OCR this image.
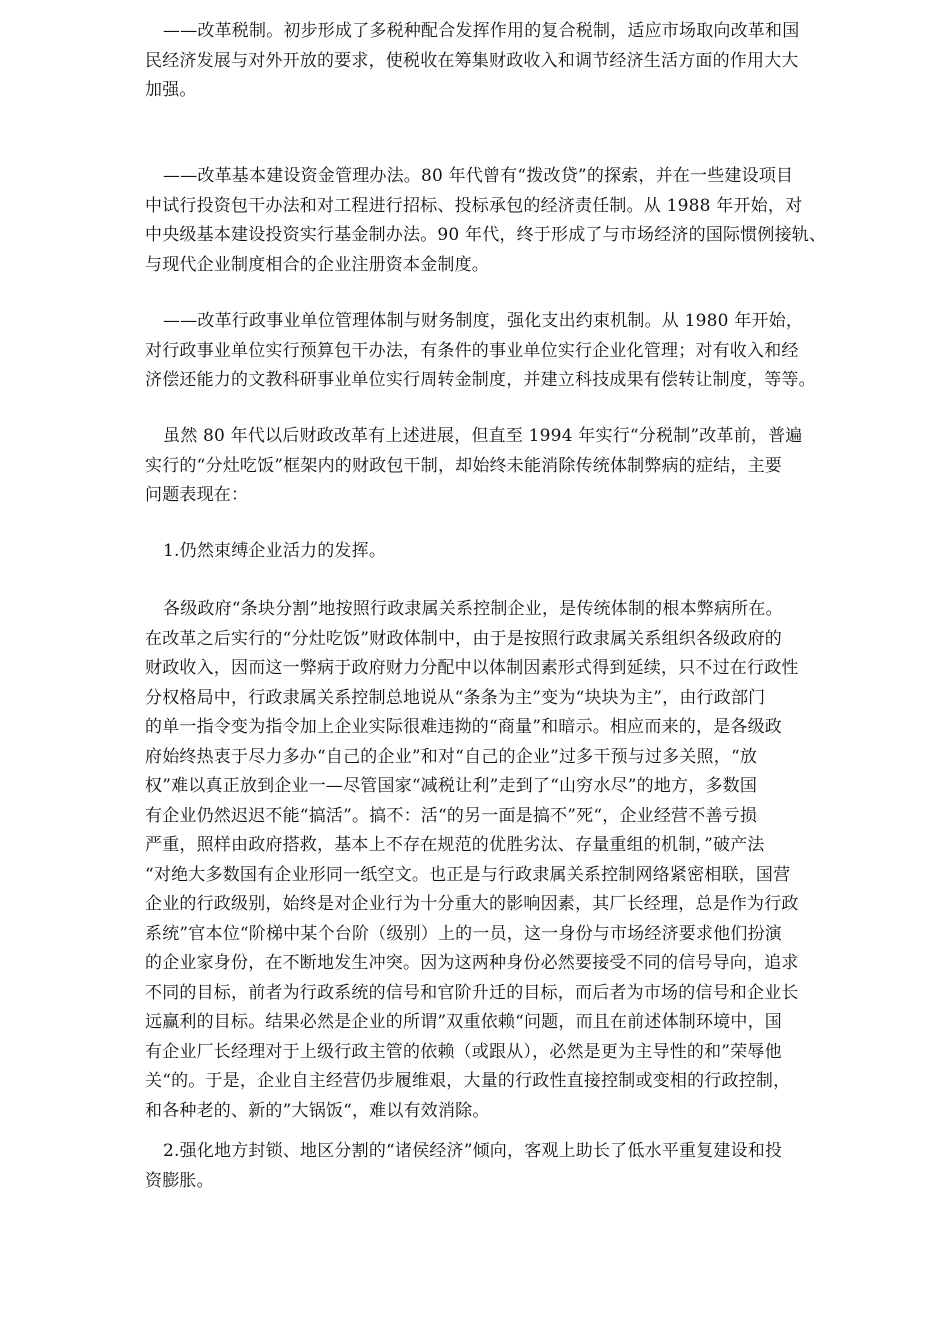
——改革税制。初步形成了多税种配合发挥作用的复合税制，适应市场取向改革和国
民经济发展与对外开放的要求，使税收在筹集财政收入和调节经济生活方面的作用大大
加强。
——改革基本建设资金管理办法。80 年代曾有“拨改贷”的探索，并在一些建设项目
中试行投资包干办法和对工程进行招标、投标承包的经济责任制。从 1988 年开始，对
中央级基本建设投资实行基金制办法。90 年代，终于形成了与市场经济的国际惯例接轨、
与现代企业制度相合的企业注册资本金制度。
——改革行政事业单位管理体制与财务制度，强化支出约束机制。从 1980 年开始，
对行政事业单位实行预算包干办法，有条件的事业单位实行企业化管理；对有收入和经
济偿还能力的文教科研事业单位实行周转金制度，并建立科技成果有偿转让制度，等等。
虽然 80 年代以后财政改革有上述进展，但直至 1994 年实行“分税制”改革前，普遍
实行的“分灶吃饭”框架内的财政包干制，却始终未能消除传统体制弊病的症结，主要
问题表现在：
1.仍然束缚企业活力的发挥。
各级政府“条块分割”地按照行政隶属关系控制企业，是传统体制的根本弊病所在。
在改革之后实行的“分灶吃饭”财政体制中，由于是按照行政隶属关系组织各级政府的
财政收入，因而这一弊病于政府财力分配中以体制因素形式得到延续，只不过在行政性
分权格局中，行政隶属关系控制总地说从“条条为主”变为“块块为主”，由行政部门
的单一指令变为指令加上企业实际很难违拗的“商量”和暗示。相应而来的，是各级政
府始终热衷于尽力多办“自己的企业”和对“自己的企业”过多干预与过多关照，“放
权”难以真正放到企业一—尽管国家“减税让利”走到了“山穷水尽”的地方，多数国
有企业仍然迟迟不能“搞活”。搞不：活“的另一面是搞不”死“，企业经营不善亏损
严重，照样由政府搭救，基本上不存在规范的优胜劣汰、存量重组的机制，”破产法
“对绝大多数国有企业形同一纸空文。也正是与行政隶属关系控制网络紧密相联，国营
企业的行政级别，始终是对企业行为十分重大的影响因素，其厂长经理，总是作为行政
系统”官本位“阶梯中某个台阶（级别）上的一员，这一身份与市场经济要求他们扮演
的企业家身份，在不断地发生冲突。因为这两种身份必然要接受不同的信号导向，追求
不同的目标，前者为行政系统的信号和官阶升迁的目标，而后者为市场的信号和企业长
远赢利的目标。结果必然是企业的所谓”双重依赖“问题，而且在前述体制环境中，国
有企业厂长经理对于上级行政主管的依赖（或跟从），必然是更为主导性的和”荣辱他
关“的。于是，企业自主经营仍步履维艰，大量的行政性直接控制或变相的行政控制，
和各种老的、新的”大锅饭“，难以有效消除。
2.强化地方封锁、地区分割的“诸侯经济”倾向，客观上助长了低水平重复建设和投
资膨胀。
